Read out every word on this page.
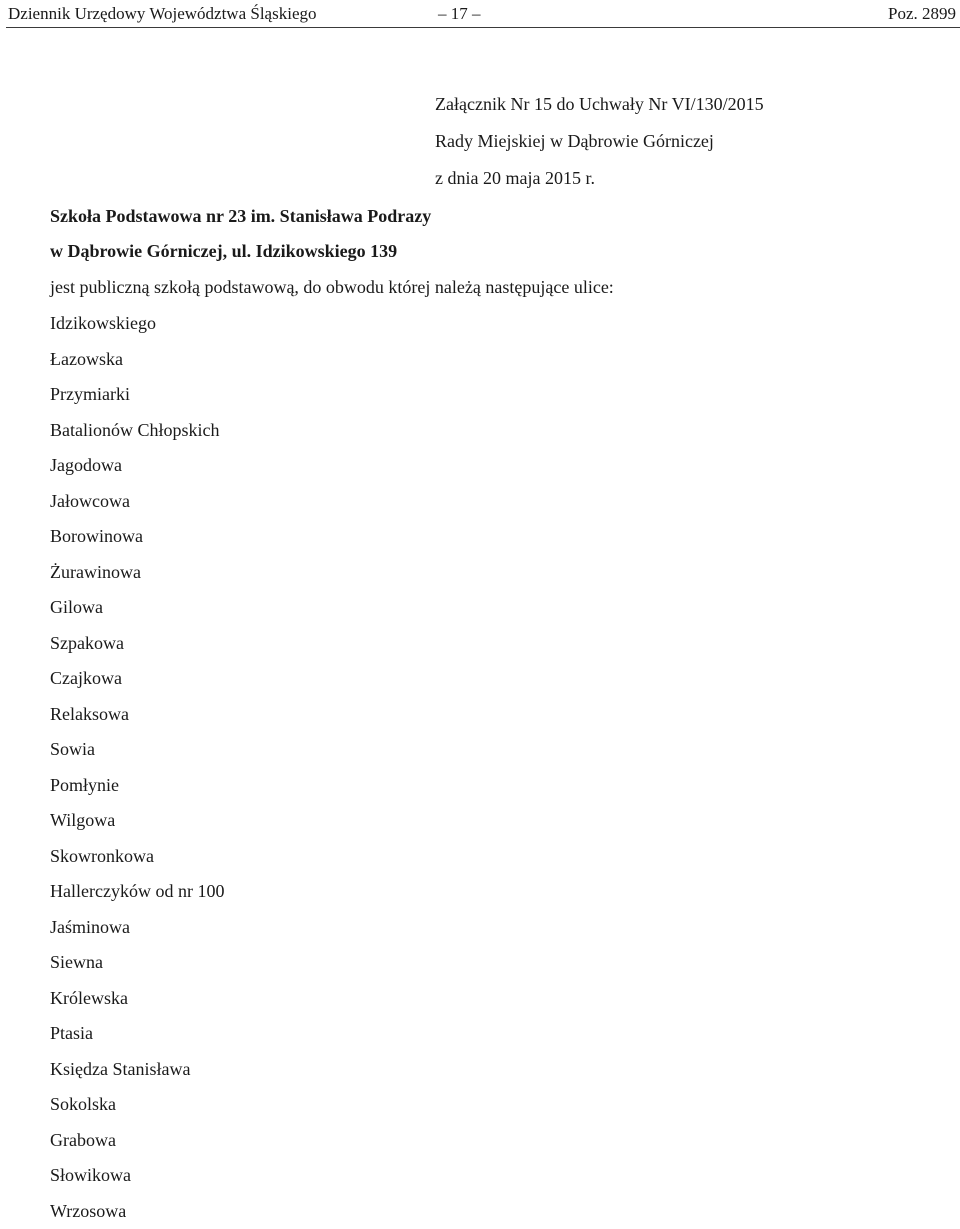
Dziennik Urzędowy Województwa Śląskiego	– 17 –	Poz. 2899
Załącznik Nr 15 do Uchwały Nr VI/130/2015
Rady Miejskiej w Dąbrowie Górniczej
z dnia 20 maja 2015 r.
Szkoła Podstawowa nr 23 im. Stanisława Podrazy
w Dąbrowie Górniczej, ul. Idzikowskiego 139
jest publiczną szkołą podstawową, do obwodu której należą następujące ulice:
Idzikowskiego
Łazowska
Przymiarki
Batalionów Chłopskich
Jagodowa
Jałowcowa
Borowinowa
Żurawinowa
Gilowa
Szpakowa
Czajkowa
Relaksowa
Sowia
Pomłynie
Wilgowa
Skowronkowa
Hallerczyków od nr 100
Jaśminowa
Siewna
Królewska
Ptasia
Księdza Stanisława
Sokolska
Grabowa
Słowikowa
Wrzosowa
